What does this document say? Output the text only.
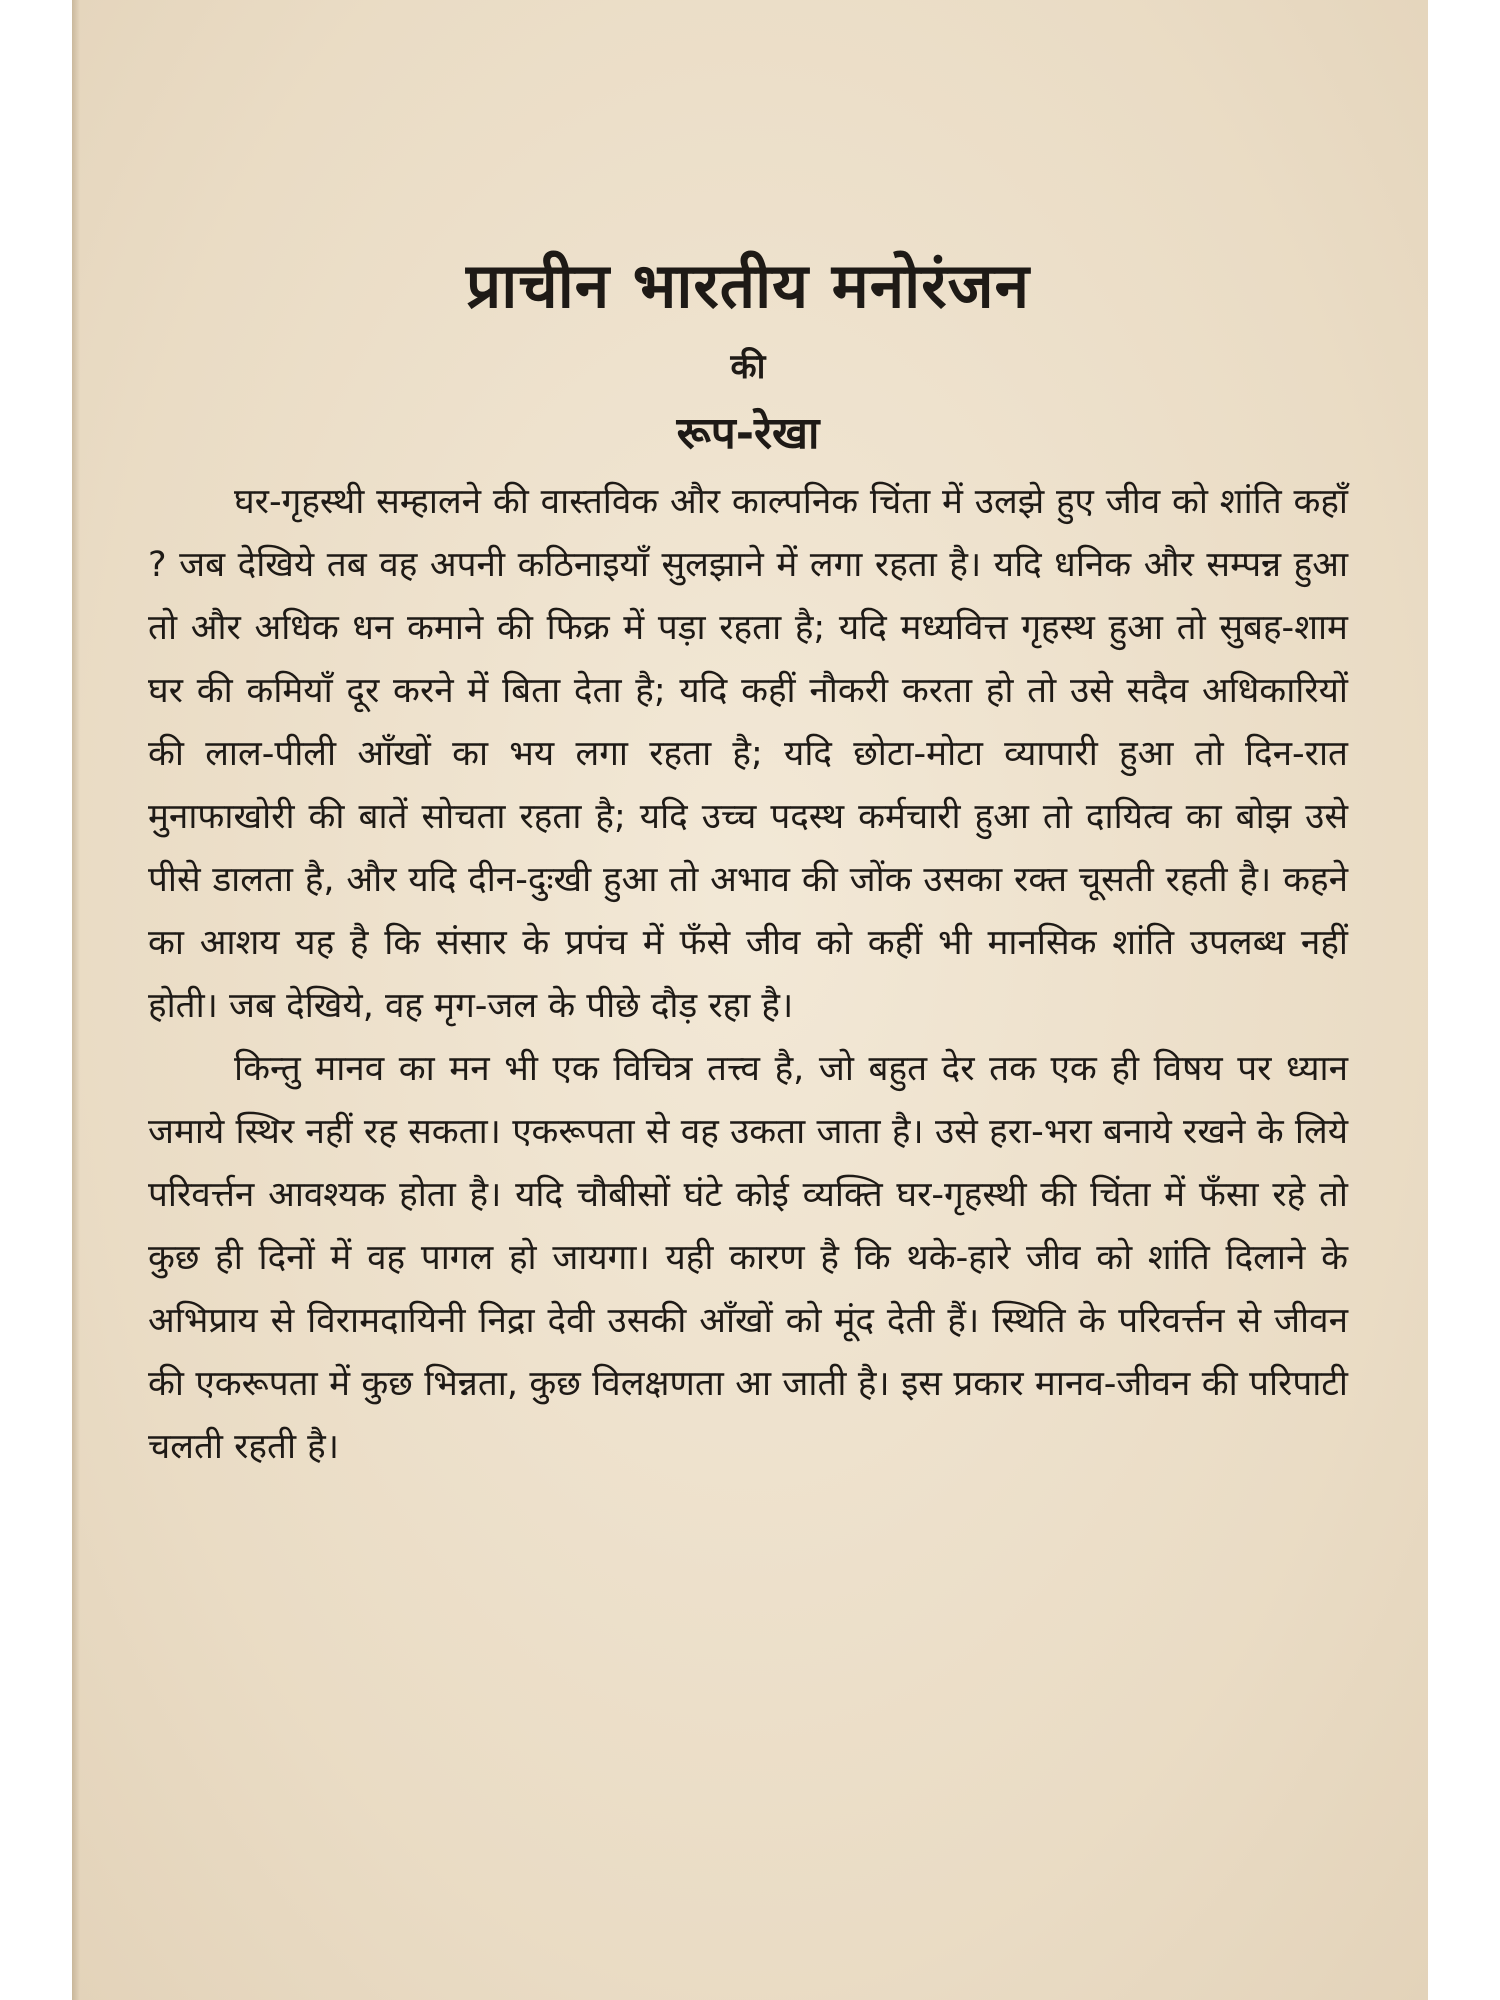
प्राचीन भारतीय मनोरंजन
की
रूप-रेखा

घर-गृहस्थी सम्हालने की वास्तविक और काल्पनिक चिंता में उलझे हुए जीव को शांति कहाँ ? जब देखिये तब वह अपनी कठिनाइयाँ सुलझाने में लगा रहता है। यदि धनिक और सम्पन्न हुआ तो और अधिक धन कमाने की फिक्र में पड़ा रहता है; यदि मध्यवित्त गृहस्थ हुआ तो सुबह-शाम घर की कमियाँ दूर करने में बिता देता है; यदि कहीं नौकरी करता हो तो उसे सदैव अधिकारियों की लाल-पीली आँखों का भय लगा रहता है; यदि छोटा-मोटा व्यापारी हुआ तो दिन-रात मुनाफाखोरी की बातें सोचता रहता है; यदि उच्च पदस्थ कर्मचारी हुआ तो दायित्व का बोझ उसे पीसे डालता है, और यदि दीन-दुःखी हुआ तो अभाव की जोंक उसका रक्त चूसती रहती है। कहने का आशय यह है कि संसार के प्रपंच में फँसे जीव को कहीं भी मानसिक शांति उपलब्ध नहीं होती। जब देखिये, वह मृग-जल के पीछे दौड़ रहा है।

किन्तु मानव का मन भी एक विचित्र तत्त्व है, जो बहुत देर तक एक ही विषय पर ध्यान जमाये स्थिर नहीं रह सकता। एकरूपता से वह उकता जाता है। उसे हरा-भरा बनाये रखने के लिये परिवर्त्तन आवश्यक होता है। यदि चौबीसों घंटे कोई व्यक्ति घर-गृहस्थी की चिंता में फँसा रहे तो कुछ ही दिनों में वह पागल हो जायगा। यही कारण है कि थके-हारे जीव को शांति दिलाने के अभिप्राय से विरामदायिनी निद्रा देवी उसकी आँखों को मूंद देती हैं। स्थिति के परिवर्त्तन से जीवन की एकरूपता में कुछ भिन्नता, कुछ विलक्षणता आ जाती है। इस प्रकार मानव-जीवन की परिपाटी चलती रहती है।
